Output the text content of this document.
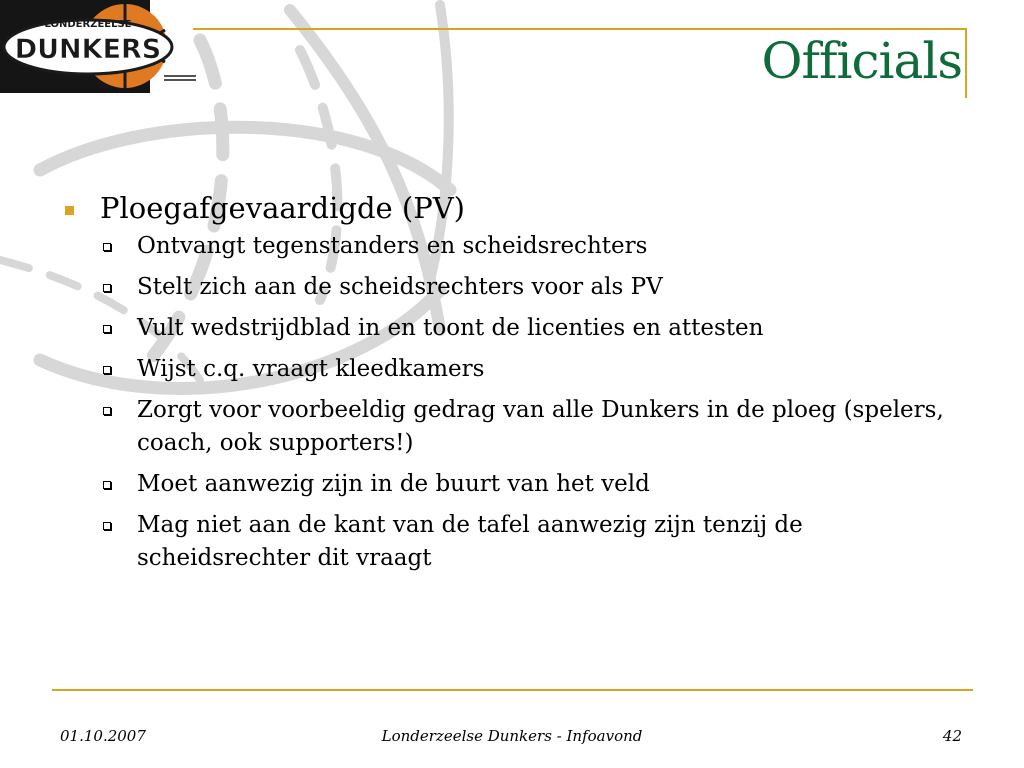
LONDERZEELSE
DUNKERS	Officials
Ploegafgevaardigde (PV)
Ontvangt tegenstanders en scheidsrechters
Stelt zich aan de scheidsrechters voor als PV
Vult wedstrijdblad in en toont de licenties en attesten
Wijst c.q. vraagt kleedkamers
Zorgt voor voorbeeldig gedrag van alle Dunkers in de ploeg (spelers, coach, ook supporters!)
Moet aanwezig zijn in de buurt van het veld
Mag niet aan de kant van de tafel aanwezig zijn tenzij de scheidsrechter dit vraagt
01.10.2007	Londerzeelse Dunkers - Infoavond	42
